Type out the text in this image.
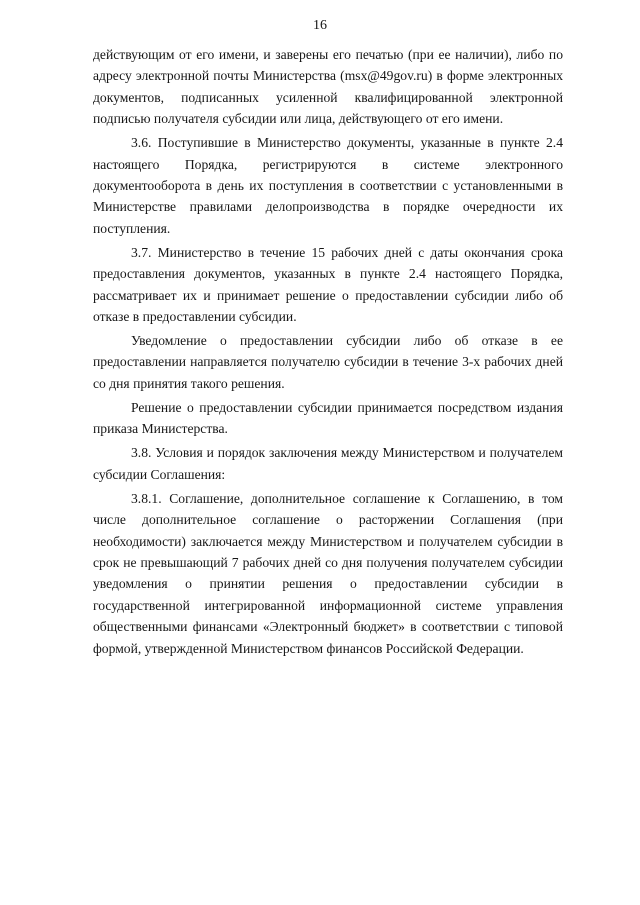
16

действующим от его имени, и заверены его печатью (при ее наличии), либо по адресу электронной почты Министерства (msx@49gov.ru) в форме электронных документов, подписанных усиленной квалифицированной электронной подписью получателя субсидии или лица, действующего от его имени.

3.6. Поступившие в Министерство документы, указанные в пункте 2.4 настоящего Порядка, регистрируются в системе электронного документооборота в день их поступления в соответствии с установленными в Министерстве правилами делопроизводства в порядке очередности их поступления.

3.7. Министерство в течение 15 рабочих дней с даты окончания срока предоставления документов, указанных в пункте 2.4 настоящего Порядка, рассматривает их и принимает решение о предоставлении субсидии либо об отказе в предоставлении субсидии.

Уведомление о предоставлении субсидии либо об отказе в ее предоставлении направляется получателю субсидии в течение 3-х рабочих дней со дня принятия такого решения.

Решение о предоставлении субсидии принимается посредством издания приказа Министерства.

3.8. Условия и порядок заключения между Министерством и получателем субсидии Соглашения:

3.8.1. Соглашение, дополнительное соглашение к Соглашению, в том числе дополнительное соглашение о расторжении Соглашения (при необходимости) заключается между Министерством и получателем субсидии в срок не превышающий 7 рабочих дней со дня получения получателем субсидии уведомления о принятии решения о предоставлении субсидии в государственной интегрированной информационной системе управления общественными финансами «Электронный бюджет» в соответствии с типовой формой, утвержденной Министерством финансов Российской Федерации.
